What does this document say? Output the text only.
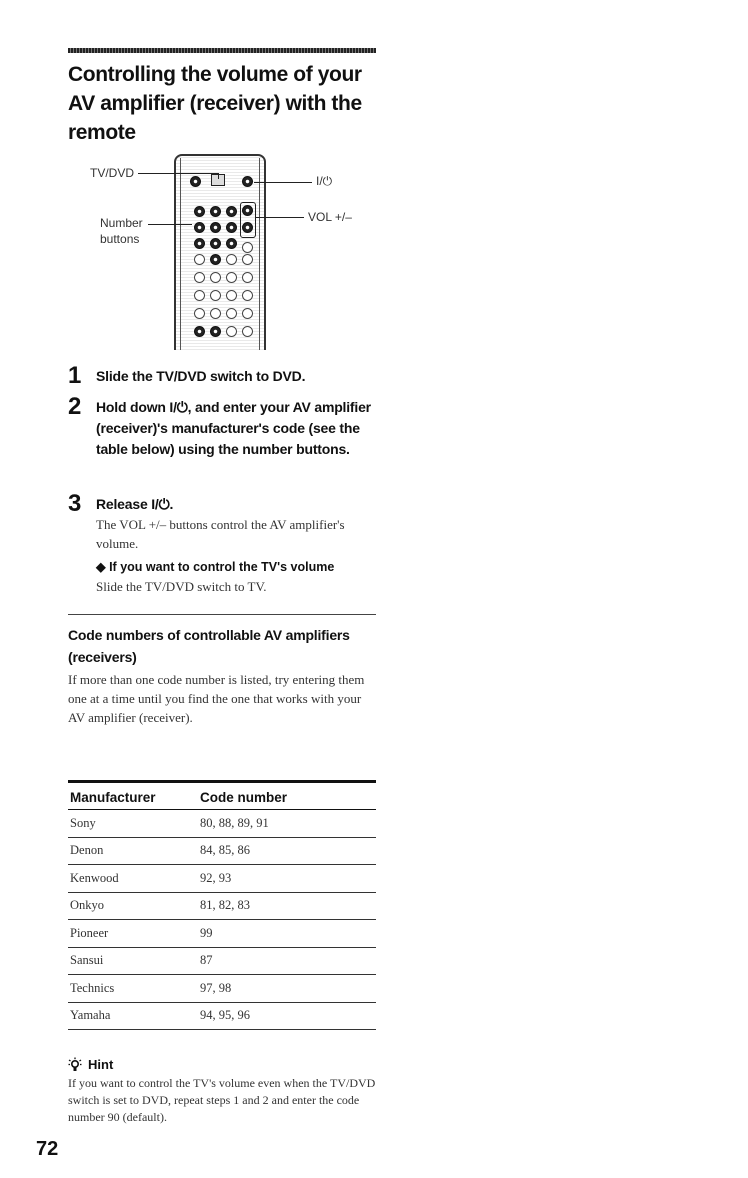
Controlling the volume of your AV amplifier (receiver) with the remote
TV/DVD
Number
buttons
I/⏻
VOL +/–
1 Slide the TV/DVD switch to DVD.

2 Hold down I/⏻, and enter your AV amplifier (receiver)'s manufacturer's code (see the table below) using the number buttons.

3 Release I/⏻.

The VOL +/– buttons control the AV amplifier's volume.

◆ If you want to control the TV's volume

Slide the TV/DVD switch to TV.

Code numbers of controllable AV amplifiers (receivers)

If more than one code number is listed, try entering them one at a time until you find the one that works with your AV amplifier (receiver).

Manufacturer	Code number
Sony	80, 88, 89, 91
Denon	84, 85, 86
Kenwood	92, 93
Onkyo	81, 82, 83
Pioneer	99
Sansui	87
Technics	97, 98
Yamaha	94, 95, 96
Hint

If you want to control the TV's volume even when the TV/DVD switch is set to DVD, repeat steps 1 and 2 and enter the code number 90 (default).

72
